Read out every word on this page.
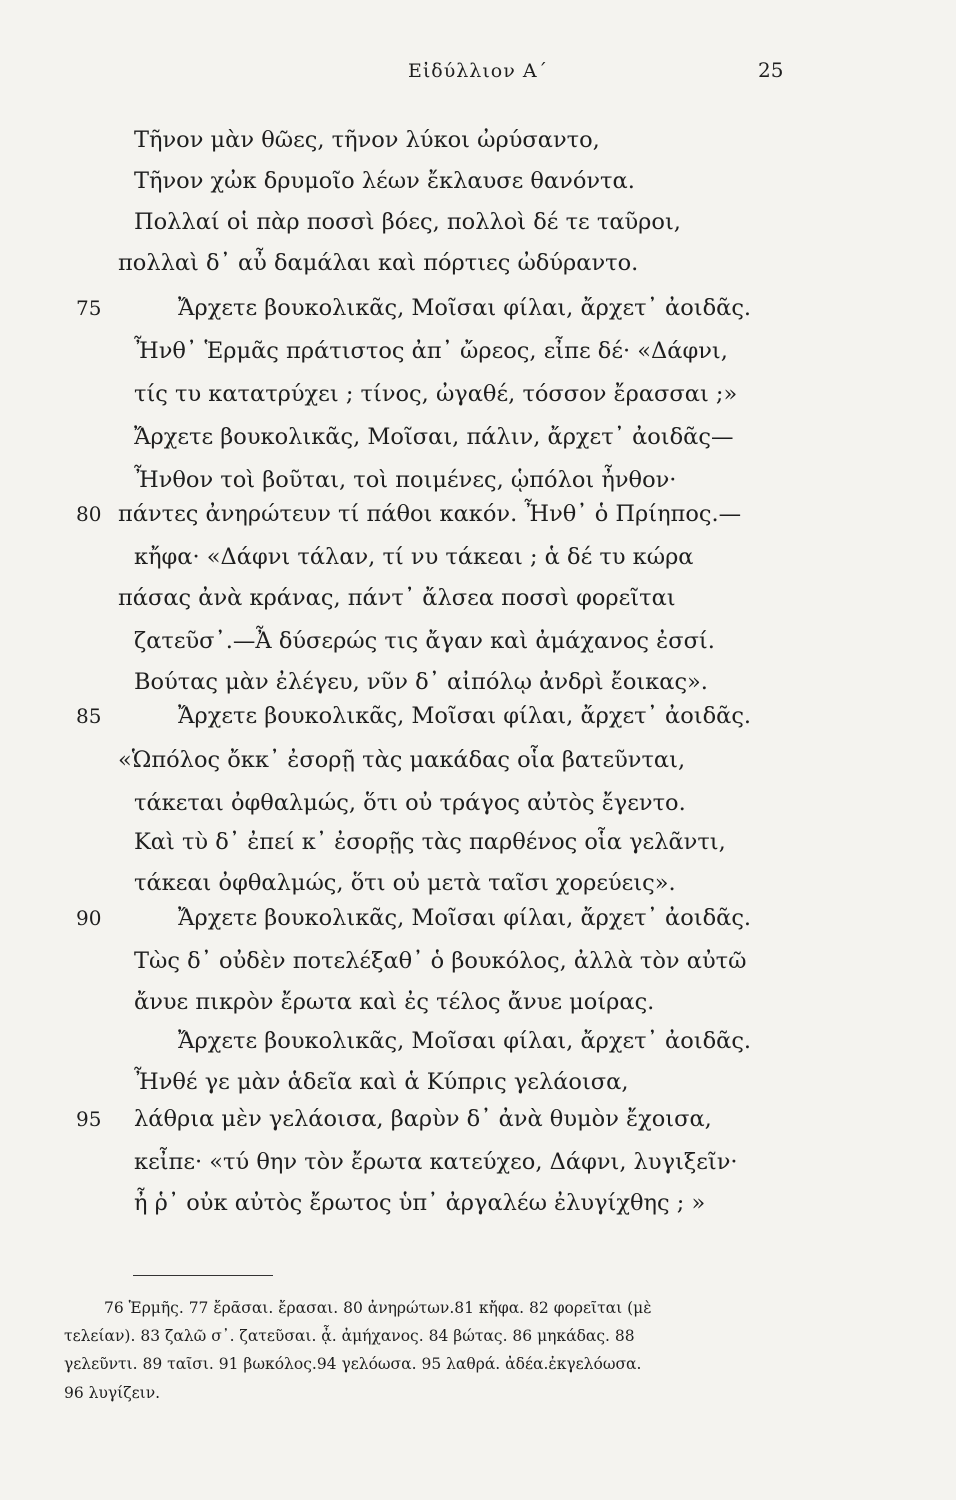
Εἰδύλλιον Α΄	25
Τῆνον μὰν θῶες, τῆνον λύκοι ὠρύσαντο,
Τῆνον χὠκ δρυμοῖο λέων ἔκλαυσε θανόντα.
Πολλαί οἱ πὰρ ποσσὶ βόες, πολλοὶ δέ τε ταῦροι,
πολλαὶ δ᾽ αὖ δαμάλαι καὶ πόρτιες ὠδύραντο.
75	Ἄρχετε βουκολικᾶς, Μοῖσαι φίλαι, ἄρχετ᾽ ἀοιδᾶς.
Ἦνθ᾽ Ἑρμᾶς πράτιστος ἀπ᾽ ὤρεος, εἶπε δέ· «Δάφνι,
τίς τυ κατατρύχει ; τίνος, ὠγαθέ, τόσσον ἔρασσαι ;»
Ἄρχετε βουκολικᾶς, Μοῖσαι, πάλιν, ἄρχετ᾽ ἀοιδᾶς—
Ἦνθον τοὶ βοῦται, τοὶ ποιμένες, ᾡπόλοι ἦνθον·
80 πάντες ἀνηρώτευν τί πάθοι κακόν. Ἦνθ᾽ ὁ Πρίηπος.—
κἤφα· «Δάφνι τάλαν, τί νυ τάκεαι ; ἁ δέ τυ κώρα
πάσας ἀνὰ κράνας, πάντ᾽ ἄλσεα ποσσὶ φορεῖται
ζατεῦσ᾽.—Ἆ δύσερώς τις ἄγαν καὶ ἀμάχανος ἐσσί.
Βούτας μὰν ἐλέγευ, νῦν δ᾽ αἰπόλῳ ἀνδρὶ ἔοικας».
85	Ἄρχετε βουκολικᾶς, Μοῖσαι φίλαι, ἄρχετ᾽ ἀοιδᾶς.
«Ὡπόλος ὄκκ᾽ ἐσορῇ τὰς μακάδας οἷα βατεῦνται,
τάκεται ὀφθαλμώς, ὅτι οὐ τράγος αὐτὸς ἔγεντο.
Καὶ τὺ δ᾽ ἐπεί κ᾽ ἐσορῇς τὰς παρθένος οἷα γελᾶντι,
τάκεαι ὀφθαλμώς, ὅτι οὐ μετὰ ταῖσι χορεύεις».
90	Ἄρχετε βουκολικᾶς, Μοῖσαι φίλαι, ἄρχετ᾽ ἀοιδᾶς.
Τὼς δ᾽ οὐδὲν ποτελέξαθ᾽ ὁ βουκόλος, ἀλλὰ τὸν αὐτῶ
ἄνυε πικρὸν ἔρωτα καὶ ἐς τέλος ἄνυε μοίρας.
Ἄρχετε βουκολικᾶς, Μοῖσαι φίλαι, ἄρχετ᾽ ἀοιδᾶς.
Ἦνθέ γε μὰν ἁδεῖα καὶ ἁ Κύπρις γελάοισα,
95 λάθρια μὲν γελάοισα, βαρὺν δ᾽ ἀνὰ θυμὸν ἔχοισα,
κεἶπε· «τύ θην τὸν ἔρωτα κατεύχεο, Δάφνι, λυγιξεῖν·
ἦ ῥ᾽ οὐκ αὐτὸς ἔρωτος ὑπ᾽ ἀργαλέω ἐλυγίχθης ; »
76 Ἑρμῆς. 77 ἔρᾶσαι. ἔρασαι. 80 ἀνηρώτων.81 κἤφα. 82 φορεῖται (μὲ
τελείαν). 83 ζαλῶ σ᾽. ζατεῦσαι. ᾆ. ἀμήχανος. 84 βώτας. 86 μηκάδας. 88
γελεῦντι. 89 ταῖσι. 91 βωκόλος.94 γελόωσα. 95 λαθρά. ἀδέα.ἐκγελόωσα.
96 λυγίζειν.
